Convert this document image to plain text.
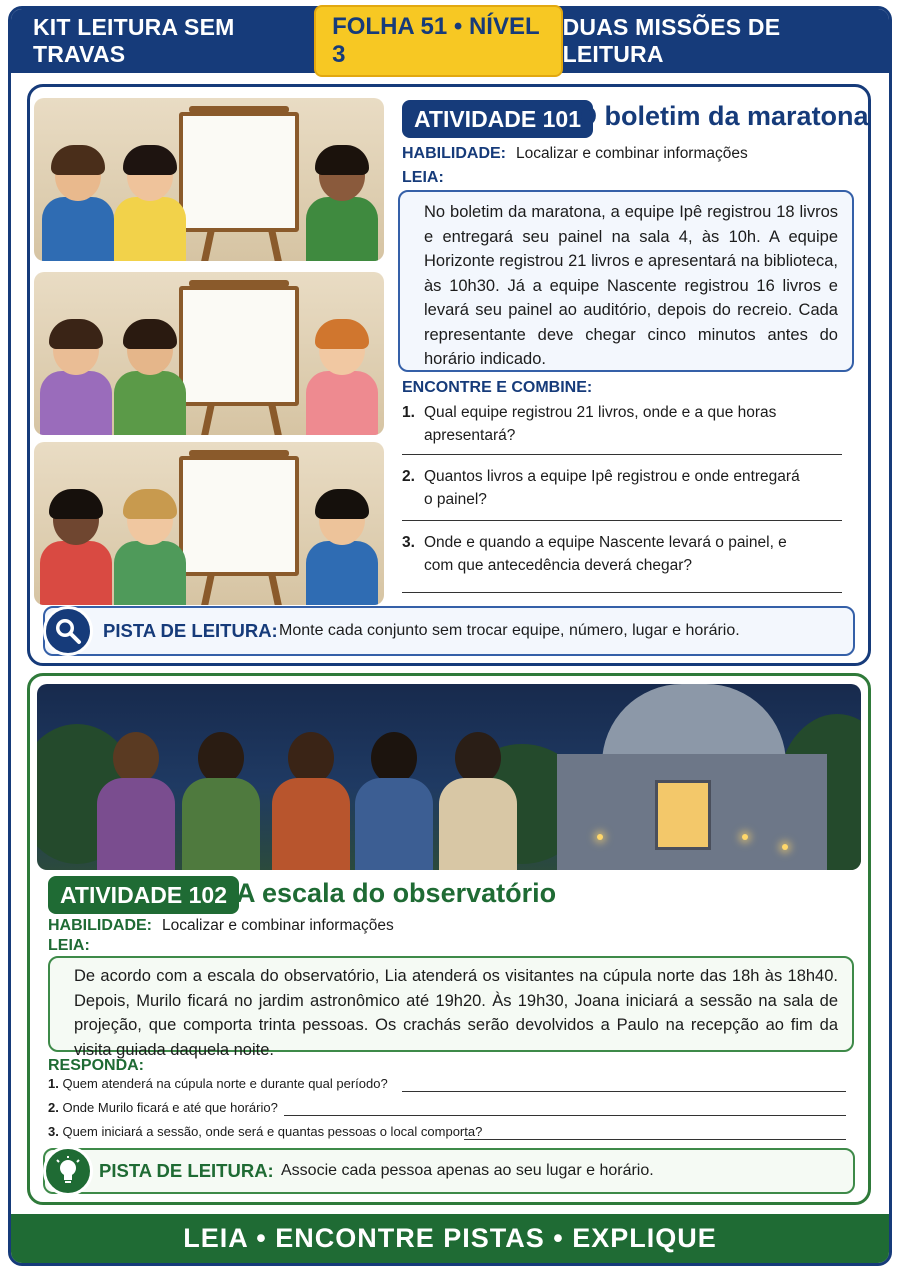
KIT LEITURA SEM TRAVAS
FOLHA 51 • NÍVEL 3
DUAS MISSÕES DE LEITURA
ATIVIDADE 101
O boletim da maratona
HABILIDADE: Localizar e combinar informações
LEIA:
No boletim da maratona, a equipe Ipê registrou 18 livros e entregará seu painel na sala 4, às 10h. A equipe Horizonte registrou 21 livros e apresentará na biblioteca, às 10h30. Já a equipe Nascente registrou 16 livros e levará seu painel ao auditório, depois do recreio. Cada representante deve chegar cinco minutos antes do horário indicado.
ENCONTRE E COMBINE:
1. Qual equipe registrou 21 livros, onde e a que horas
apresentará?
2. Quantos livros a equipe Ipê registrou e onde entregará
o painel?
3. Onde e quando a equipe Nascente levará o painel, e
com que antecedência deverá chegar?
PISTA DE LEITURA: Monte cada conjunto sem trocar equipe, número, lugar e horário.
ATIVIDADE 102 A escala do observatório
HABILIDADE: Localizar e combinar informações
LEIA:
De acordo com a escala do observatório, Lia atenderá os visitantes na cúpula norte das 18h às 18h40. Depois, Murilo ficará no jardim astronômico até 19h20. Às 19h30, Joana iniciará a sessão na sala de projeção, que comporta trinta pessoas. Os crachás serão devolvidos a Paulo na recepção ao fim da visita guiada daquela noite.
RESPONDA:
1. Quem atenderá na cúpula norte e durante qual período?
2. Onde Murilo ficará e até que horário?
3. Quem iniciará a sessão, onde será e quantas pessoas o local comporta?
PISTA DE LEITURA: Associe cada pessoa apenas ao seu lugar e horário.
LEIA • ENCONTRE PISTAS • EXPLIQUE
